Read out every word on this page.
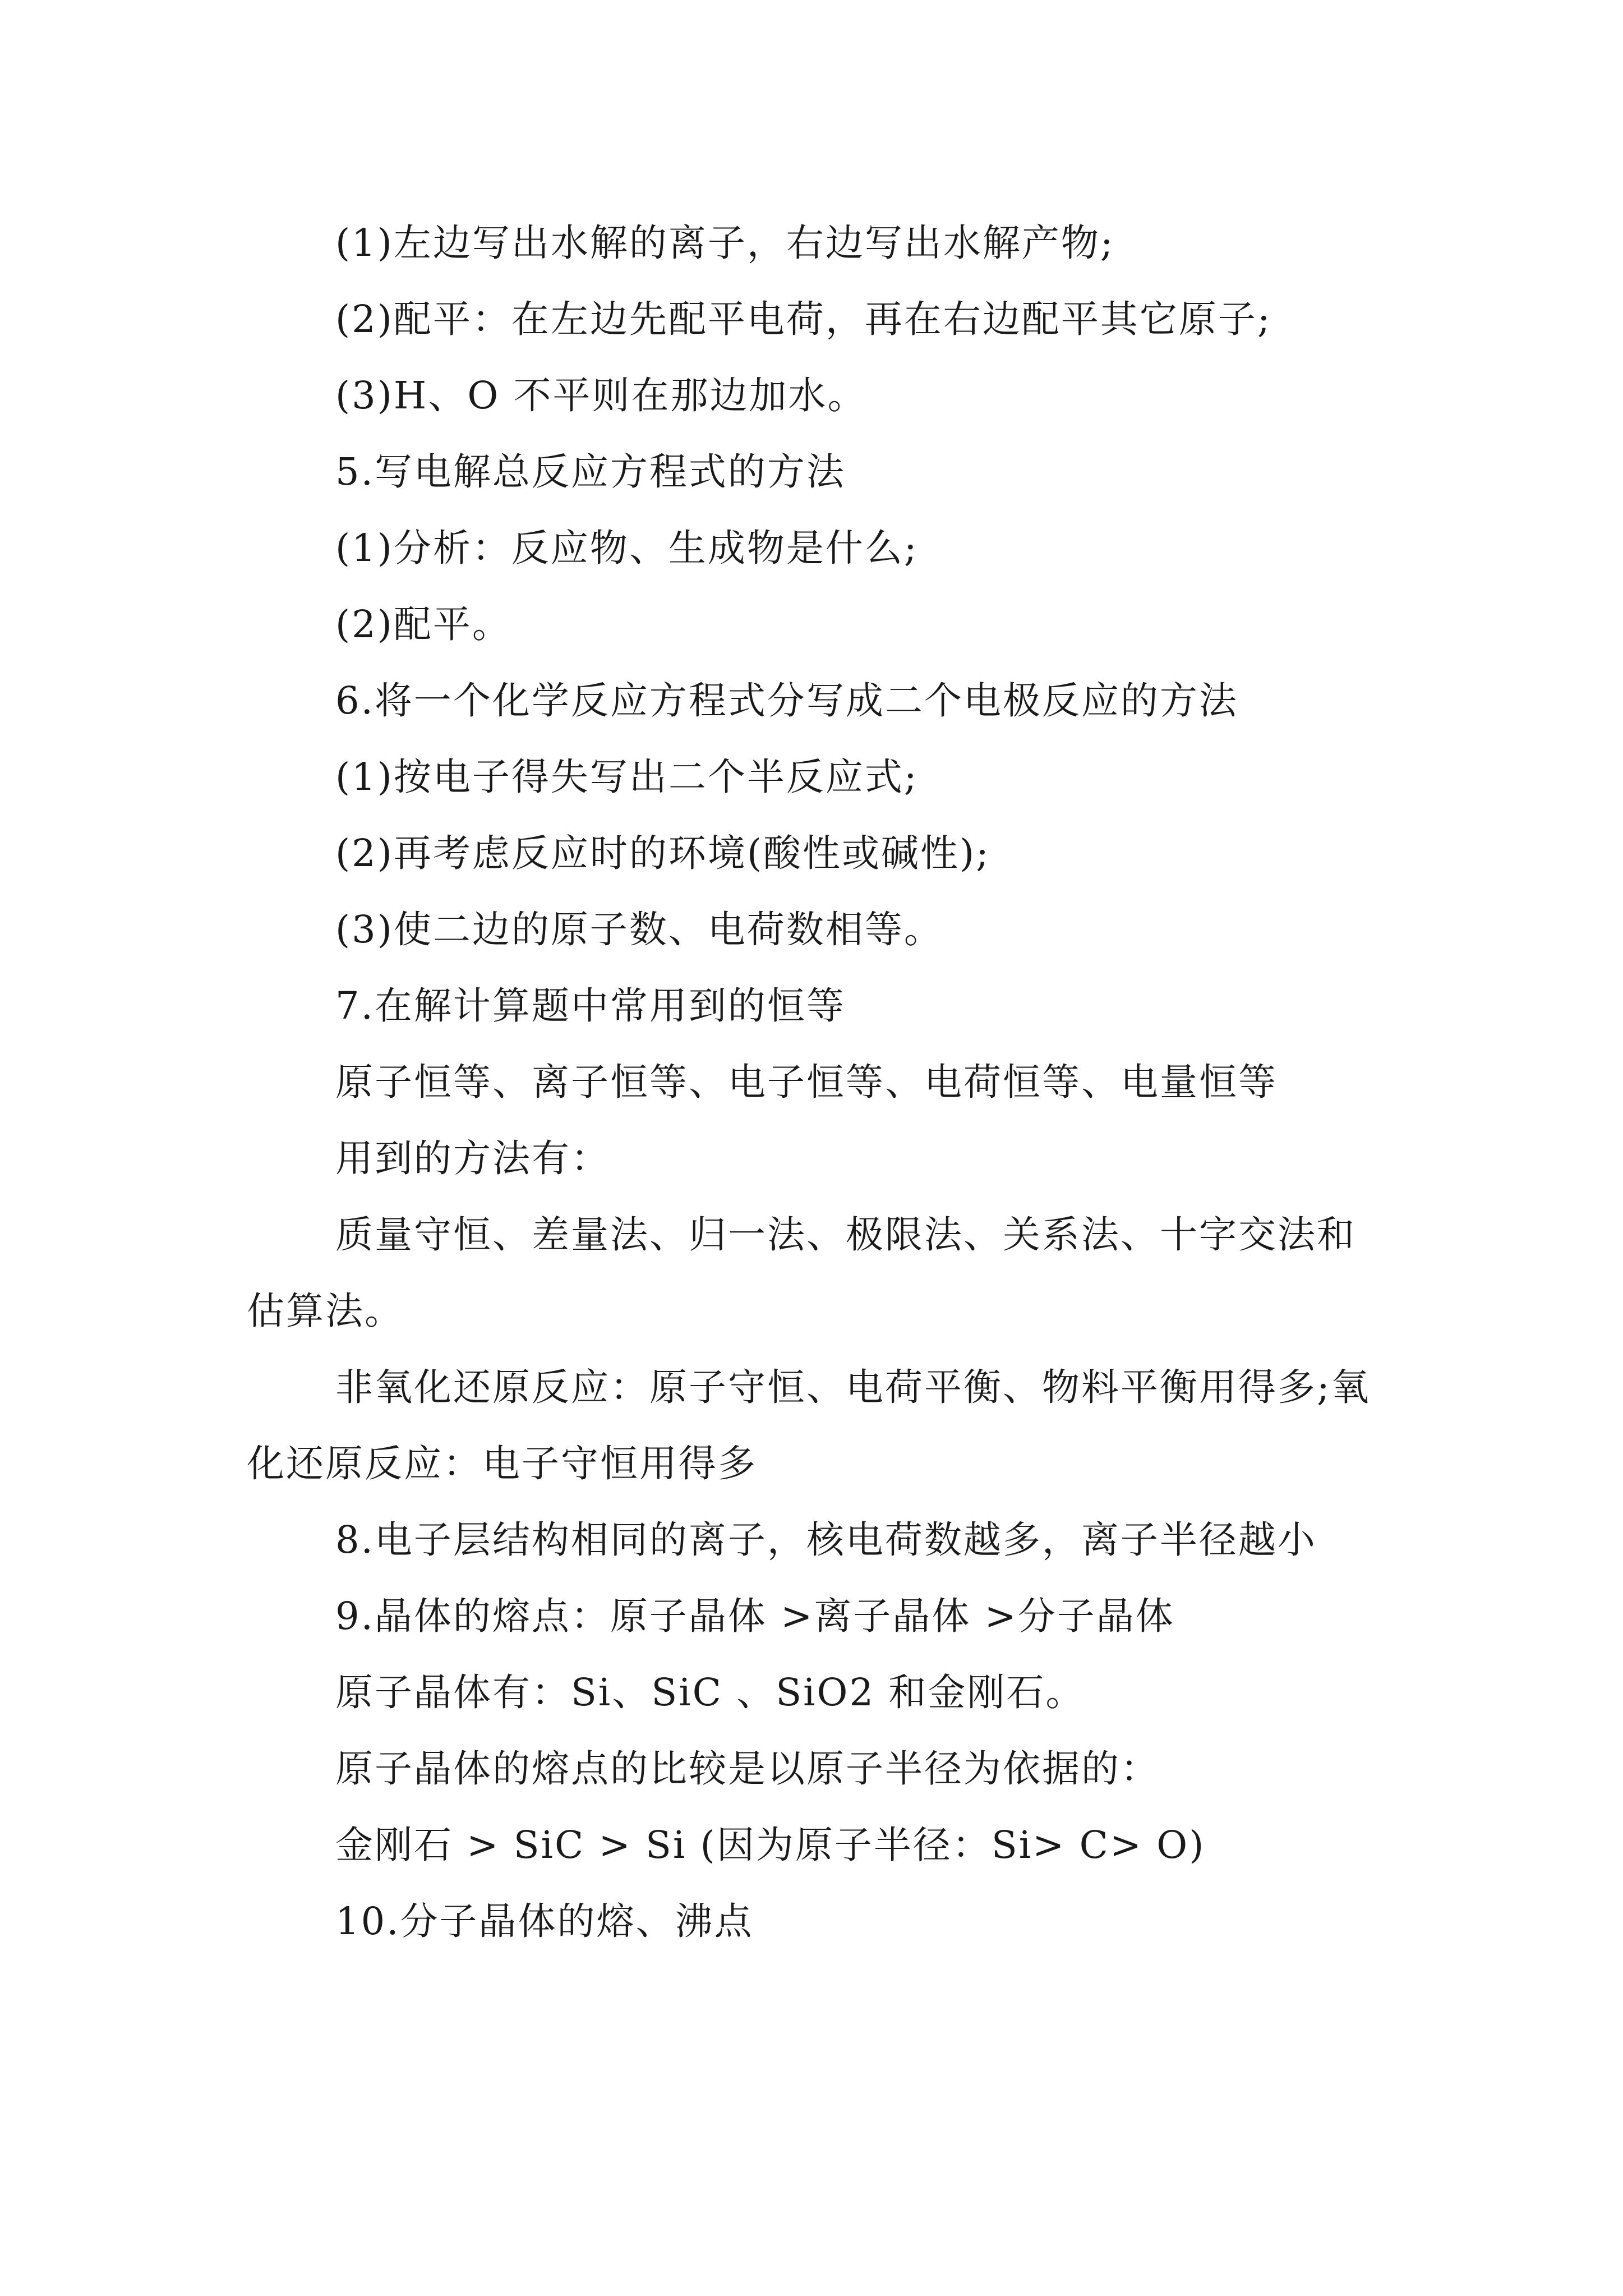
(1)左边写出水解的离子，右边写出水解产物;

(2)配平：在左边先配平电荷，再在右边配平其它原子;

(3)H、O 不平则在那边加水。

5.写电解总反应方程式的方法

(1)分析：反应物、生成物是什么;

(2)配平。

6.将一个化学反应方程式分写成二个电极反应的方法

(1)按电子得失写出二个半反应式;

(2)再考虑反应时的环境(酸性或碱性);

(3)使二边的原子数、电荷数相等。

7.在解计算题中常用到的恒等

原子恒等、离子恒等、电子恒等、电荷恒等、电量恒等

用到的方法有：

质量守恒、差量法、归一法、极限法、关系法、十字交法和估算法。

非氧化还原反应：原子守恒、电荷平衡、物料平衡用得多;氧化还原反应：电子守恒用得多

8.电子层结构相同的离子，核电荷数越多，离子半径越小

9.晶体的熔点：原子晶体 >离子晶体 >分子晶体

原子晶体有：Si、SiC 、SiO2 和金刚石。

原子晶体的熔点的比较是以原子半径为依据的：

金刚石 > SiC > Si (因为原子半径：Si> C> O)

10.分子晶体的熔、沸点
